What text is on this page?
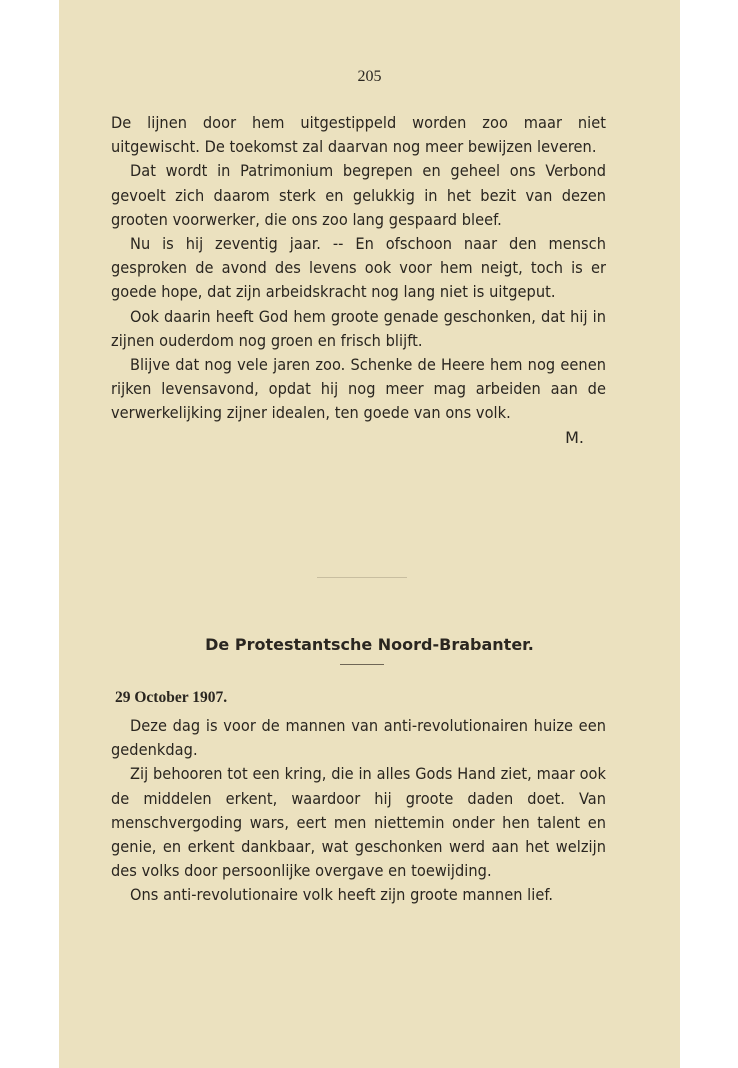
205

De lijnen door hem uitgestippeld worden zoo maar niet uitgewischt. De toekomst zal daarvan nog meer bewijzen leveren.

Dat wordt in Patrimonium begrepen en geheel ons Verbond gevoelt zich daarom sterk en gelukkig in het bezit van dezen grooten voorwerker, die ons zoo lang gespaard bleef.

Nu is hij zeventig jaar. -- En ofschoon naar den mensch gesproken de avond des levens ook voor hem neigt, toch is er goede hope, dat zijn arbeidskracht nog lang niet is uitgeput.

Ook daarin heeft God hem groote genade geschonken, dat hij in zijnen ouderdom nog groen en frisch blijft.

Blijve dat nog vele jaren zoo. Schenke de Heere hem nog eenen rijken levensavond, opdat hij nog meer mag arbeiden aan de verwerkelijking zijner idealen, ten goede van ons volk.

M.

De Protestantsche Noord-Brabanter.
29 October 1907.

Deze dag is voor de mannen van anti-revolutionairen huize een gedenkdag.

Zij behooren tot een kring, die in alles Gods Hand ziet, maar ook de middelen erkent, waardoor hij groote daden doet. Van menschvergoding wars, eert men niettemin onder hen talent en genie, en erkent dankbaar, wat geschonken werd aan het welzijn des volks door persoonlijke overgave en toewijding.

Ons anti-revolutionaire volk heeft zijn groote mannen lief.
